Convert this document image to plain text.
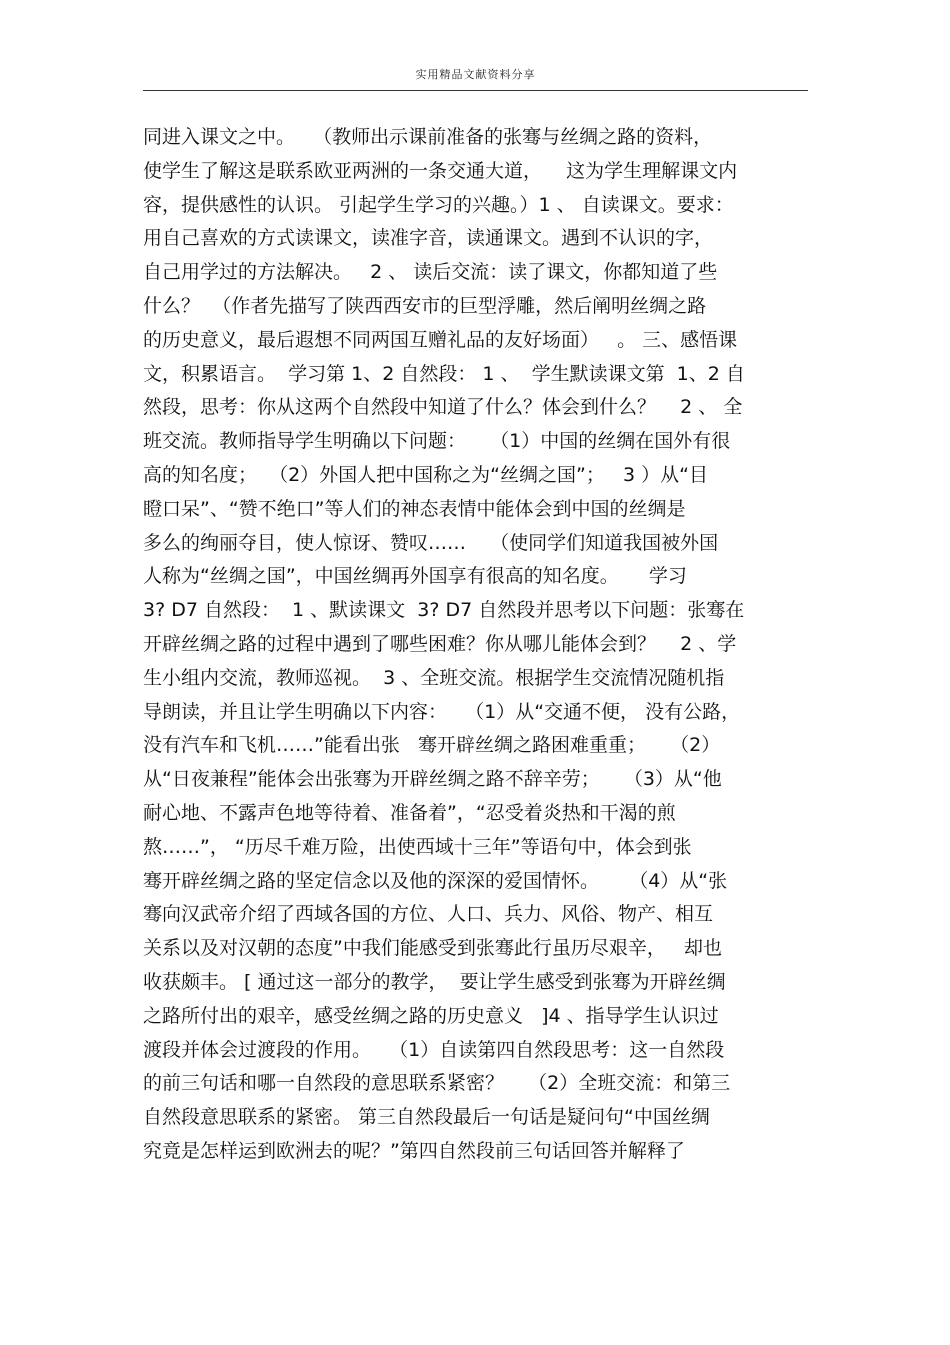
实用精品文献资料分享
同进入课文之中。   （教师出示课前准备的张骞与丝绸之路的资料，
使学生了解这是联系欧亚两洲的一条交通大道，    这为学生理解课文内
容，提供感性的认识。 引起学生学习的兴趣。）1 、 自读课文。要求：
用自己喜欢的方式读课文，读准字音，读通课文。遇到不认识的字，
自己用学过的方法解决。   2 、 读后交流：读了课文，你都知道了些
什么？  （作者先描写了陕西西安市的巨型浮雕，然后阐明丝绸之路
的历史意义，最后遐想不同两国互赠礼品的友好场面）   。 三、感悟课
文，积累语言。  学习第 1、2 自然段： 1 、  学生默读课文第  1、2 自
然段，思考：你从这两个自然段中知道了什么？体会到什么？    2 、 全
班交流。教师指导学生明确以下问题：    （1）中国的丝绸在国外有很
高的知名度；  （2）外国人把中国称之为“丝绸之国”；   3 ）从“目
瞪口呆”、“赞不绝口”等人们的神态表情中能体会到中国的丝绸是
多么的绚丽夺目，使人惊讶、赞叹……    （使同学们知道我国被外国
人称为“丝绸之国”，中国丝绸再外国享有很高的知名度。     学习
3? D7 自然段：  1 、默读课文  3? D7 自然段并思考以下问题：张骞在
开辟丝绸之路的过程中遇到了哪些困难？你从哪儿能体会到？    2 、学
生小组内交流，教师巡视。  3 、全班交流。根据学生交流情况随机指
导朗读，并且让学生明确以下内容：   （1）从“交通不便， 没有公路，
没有汽车和飞机……”能看出张   骞开辟丝绸之路困难重重；    （2）
从“日夜兼程”能体会出张骞为开辟丝绸之路不辞辛劳；    （3）从“他
耐心地、不露声色地等待着、准备着”，“忍受着炎热和干渴的煎
熬……”， “历尽千难万险，出使西域十三年”等语句中，体会到张
骞开辟丝绸之路的坚定信念以及他的深深的爱国情怀。     （4）从“张
骞向汉武帝介绍了西域各国的方位、人口、兵力、风俗、物产、相互
关系以及对汉朝的态度”中我们能感受到张骞此行虽历尽艰辛，   却也
收获颇丰。 [ 通过这一部分的教学，  要让学生感受到张骞为开辟丝绸
之路所付出的艰辛，感受丝绸之路的历史意义   ]4 、指导学生认识过
渡段并体会过渡段的作用。   （1）自读第四自然段思考：这一自然段
的前三句话和哪一自然段的意思联系紧密？    （2）全班交流：和第三
自然段意思联系的紧密。 第三自然段最后一句话是疑问句“中国丝绸
究竟是怎样运到欧洲去的呢？”第四自然段前三句话回答并解释了
